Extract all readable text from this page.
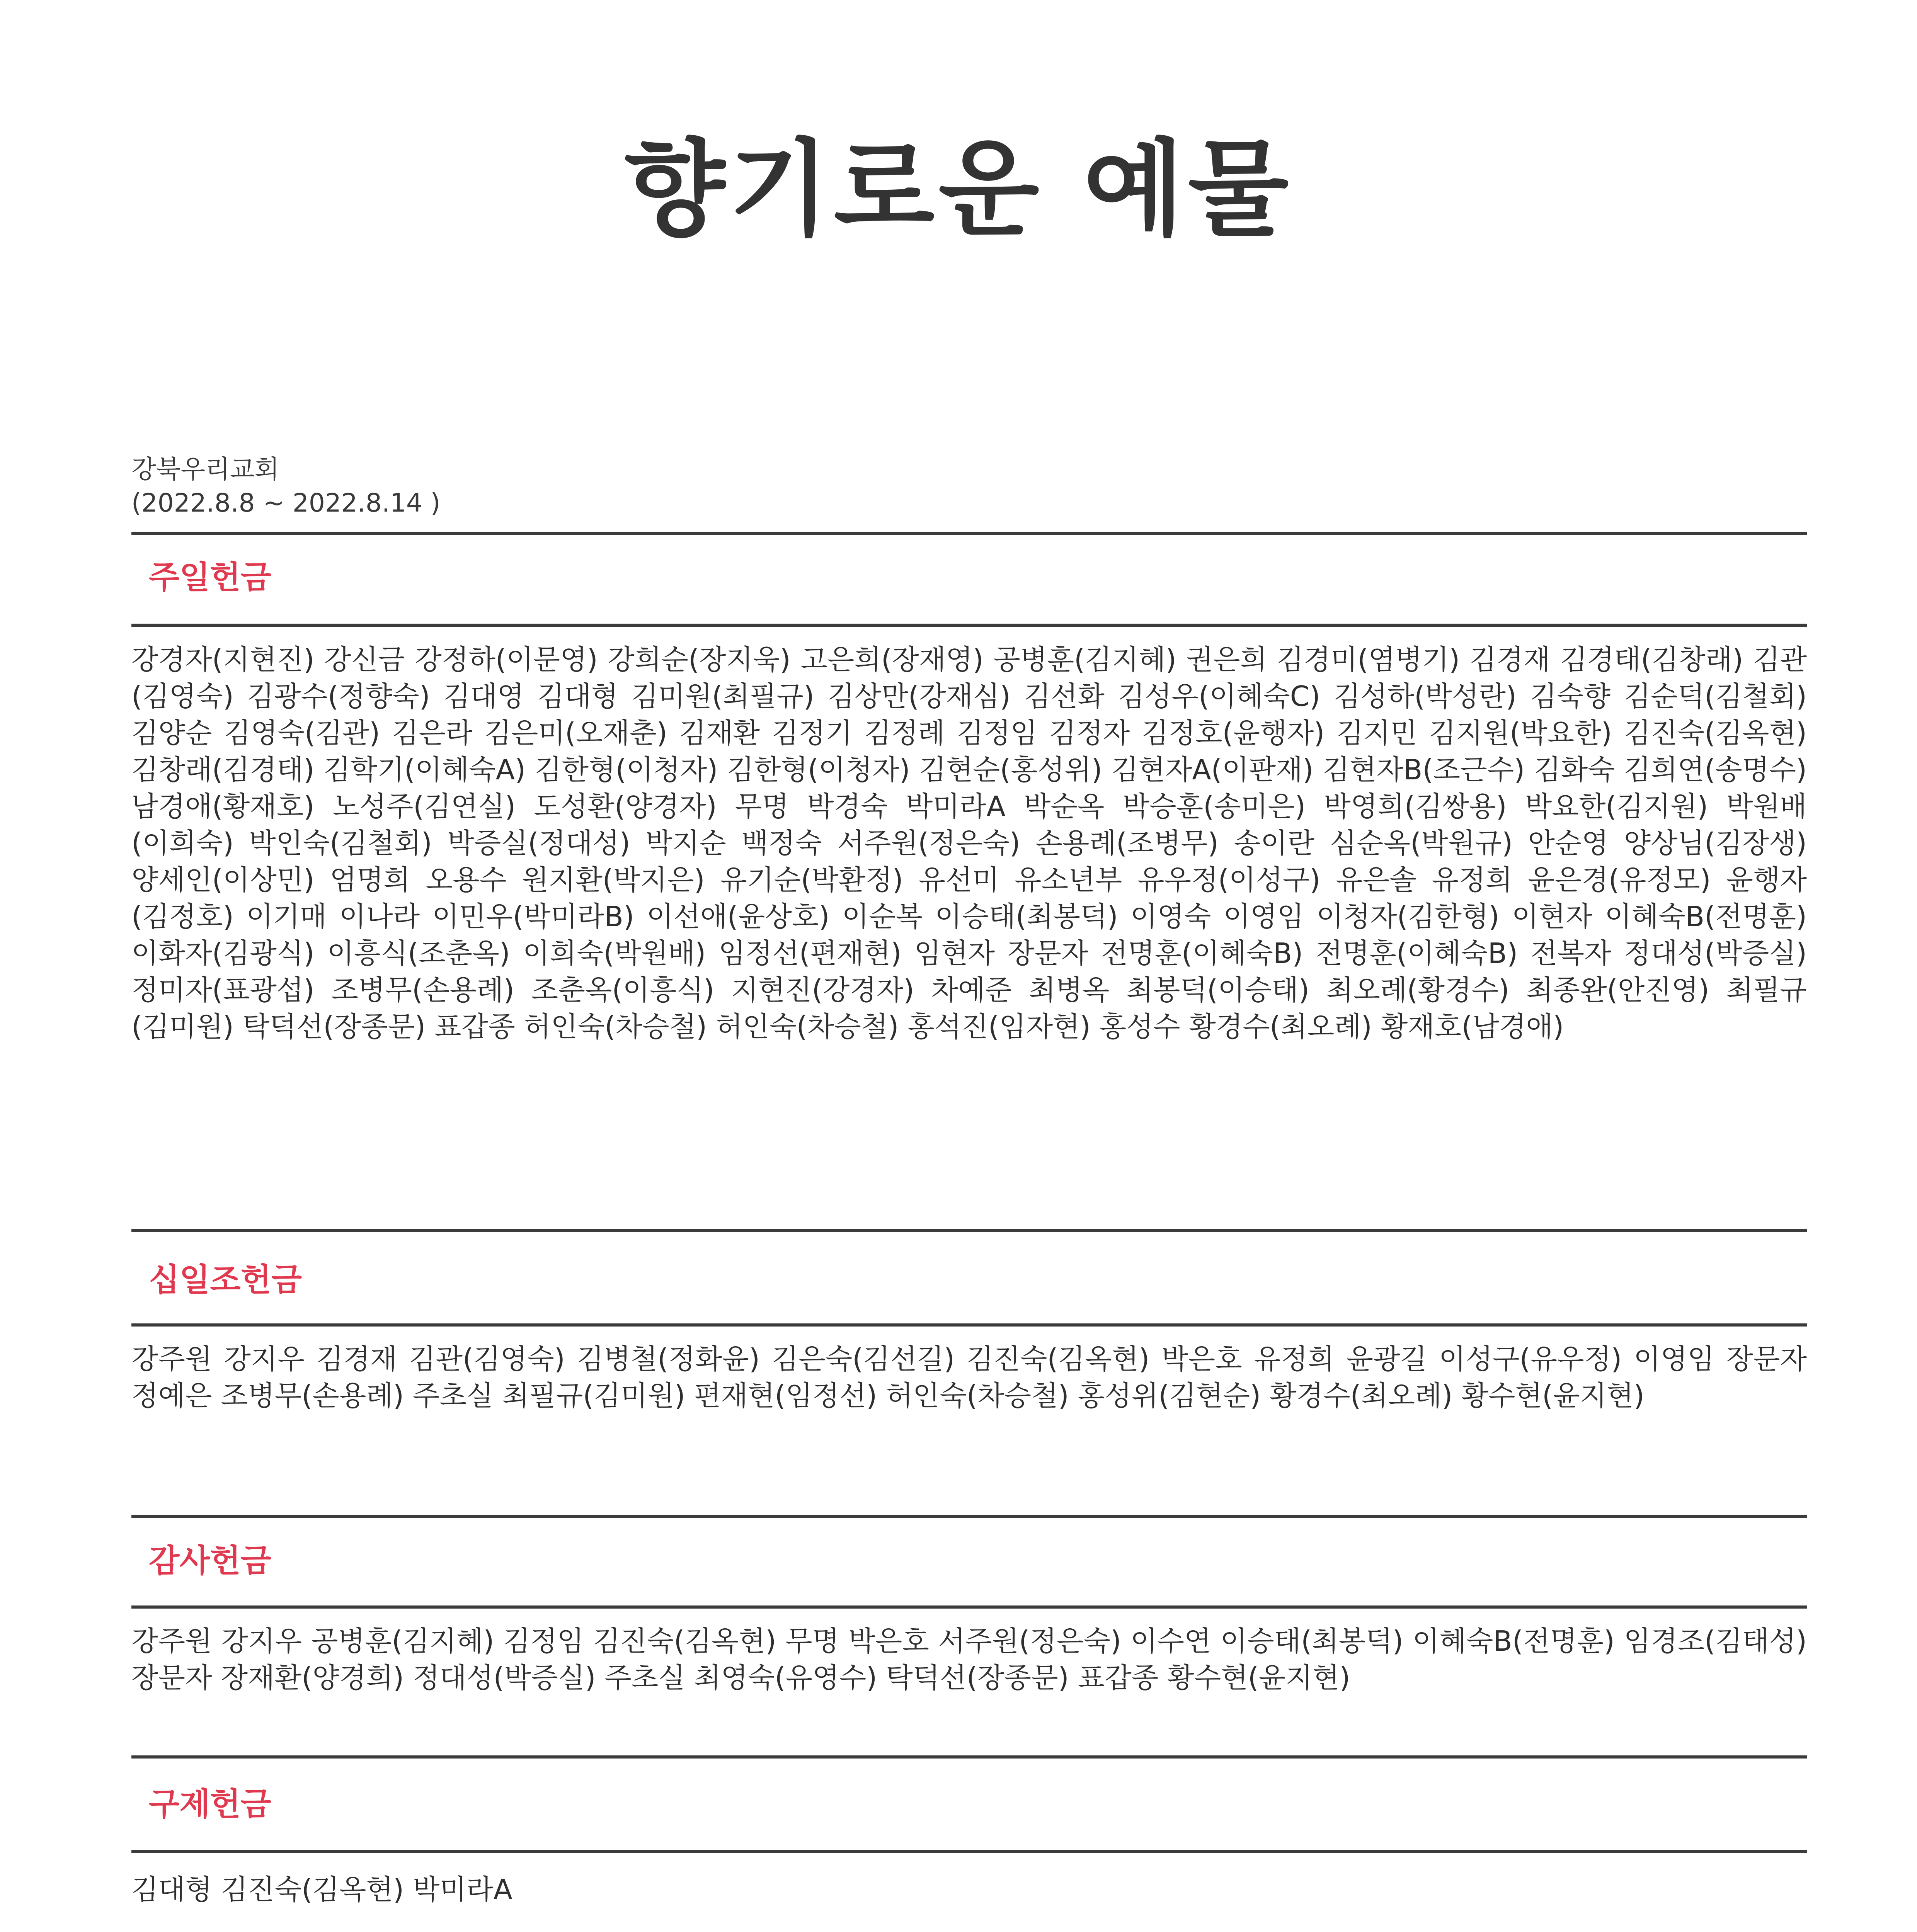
향기로운 예물
강북우리교회
(2022.8.8 ~ 2022.8.14 )
주일헌금
강경자(지현진) 강신금 강정하(이문영) 강희순(장지욱) 고은희(장재영) 공병훈(김지혜) 권은희 김경미(염병기) 김경재 김경태(김창래) 김관(김영숙) 김광수(정향숙) 김대영 김대형 김미원(최필규) 김상만(강재심) 김선화 김성우(이혜숙C) 김성하(박성란) 김숙향 김순덕(김철회) 김양순 김영숙(김관) 김은라 김은미(오재춘) 김재환 김정기 김정례 김정임 김정자 김정호(윤행자) 김지민 김지원(박요한) 김진숙(김옥현) 김창래(김경태) 김학기(이혜숙A) 김한형(이청자) 김한형(이청자) 김현순(홍성위) 김현자A(이판재) 김현자B(조근수) 김화숙 김희연(송명수) 남경애(황재호) 노성주(김연실) 도성환(양경자) 무명 박경숙 박미라A 박순옥 박승훈(송미은) 박영희(김쌍용) 박요한(김지원) 박원배(이희숙) 박인숙(김철회) 박증실(정대성) 박지순 백정숙 서주원(정은숙) 손용례(조병무) 송이란 심순옥(박원규) 안순영 양상님(김장생) 양세인(이상민) 엄명희 오용수 원지환(박지은) 유기순(박환정) 유선미 유소년부 유우정(이성구) 유은솔 유정희 윤은경(유정모) 윤행자(김정호) 이기매 이나라 이민우(박미라B) 이선애(윤상호) 이순복 이승태(최봉덕) 이영숙 이영임 이청자(김한형) 이현자 이혜숙B(전명훈) 이화자(김광식) 이흥식(조춘옥) 이희숙(박원배) 임정선(편재현) 임현자 장문자 전명훈(이혜숙B) 전명훈(이혜숙B) 전복자 정대성(박증실) 정미자(표광섭) 조병무(손용례) 조춘옥(이흥식) 지현진(강경자) 차예준 최병옥 최봉덕(이승태) 최오례(황경수) 최종완(안진영) 최필규(김미원) 탁덕선(장종문) 표갑종 허인숙(차승철) 허인숙(차승철) 홍석진(임자현) 홍성수 황경수(최오례) 황재호(남경애)
십일조헌금
강주원 강지우 김경재 김관(김영숙) 김병철(정화윤) 김은숙(김선길) 김진숙(김옥현) 박은호 유정희 윤광길 이성구(유우정) 이영임 장문자 정예은 조병무(손용례) 주초실 최필규(김미원) 편재현(임정선) 허인숙(차승철) 홍성위(김현순) 황경수(최오례) 황수현(윤지현)
감사헌금
강주원 강지우 공병훈(김지혜) 김정임 김진숙(김옥현) 무명 박은호 서주원(정은숙) 이수연 이승태(최봉덕) 이혜숙B(전명훈) 임경조(김태성) 장문자 장재환(양경희) 정대성(박증실) 주초실 최영숙(유영수) 탁덕선(장종문) 표갑종 황수현(윤지현)
구제헌금
김대형 김진숙(김옥현) 박미라A
